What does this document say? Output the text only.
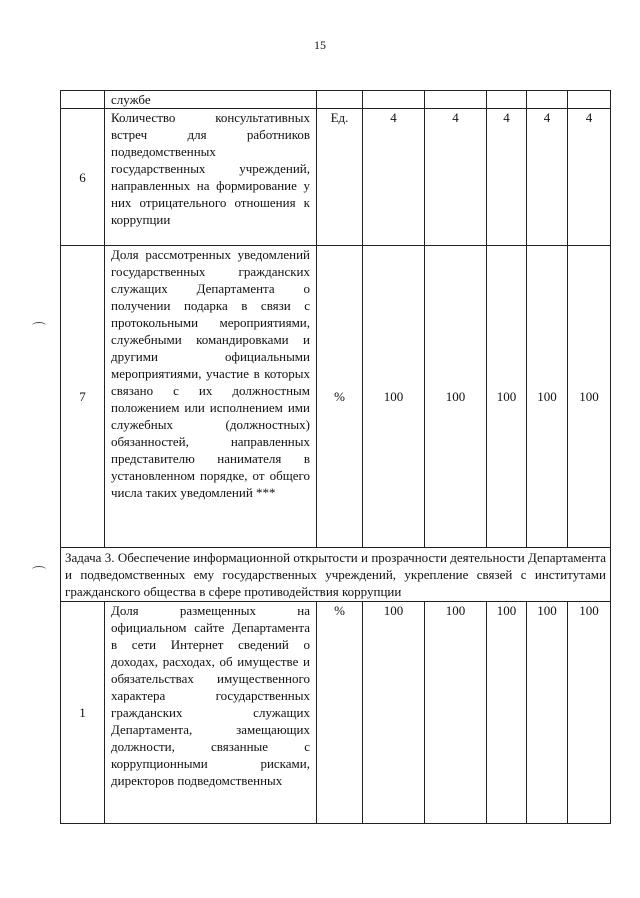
15
	службе						
6	Количество консультативных встреч для работников подведомственных государственных учреждений, направленных на формирование у них отрицательного отношения к коррупции	Ед.	4	4	4	4	4
7	Доля рассмотренных уведомлений государственных гражданских служащих Департамента о получении подарка в связи с протокольными мероприятиями, служебными командировками и другими официальными мероприятиями, участие в которых связано с их должностным положением или исполнением ими служебных (должностных) обязанностей, направленных представителю нанимателя в установленном порядке, от общего числа таких уведомлений ***	%	100	100	100	100	100
Задача 3. Обеспечение информационной открытости и прозрачности деятельности Департамента и подведомственных ему государственных учреждений, укрепление связей с институтами гражданского общества в сфере противодействия коррупции							
1	Доля размещенных на официальном сайте Департамента в сети Интернет сведений о доходах, расходах, об имуществе и обязательствах имущественного характера государственных гражданских служащих Департамента, замещающих должности, связанные с коррупционными рисками, директоров подведомственных	%	100	100	100	100	100
